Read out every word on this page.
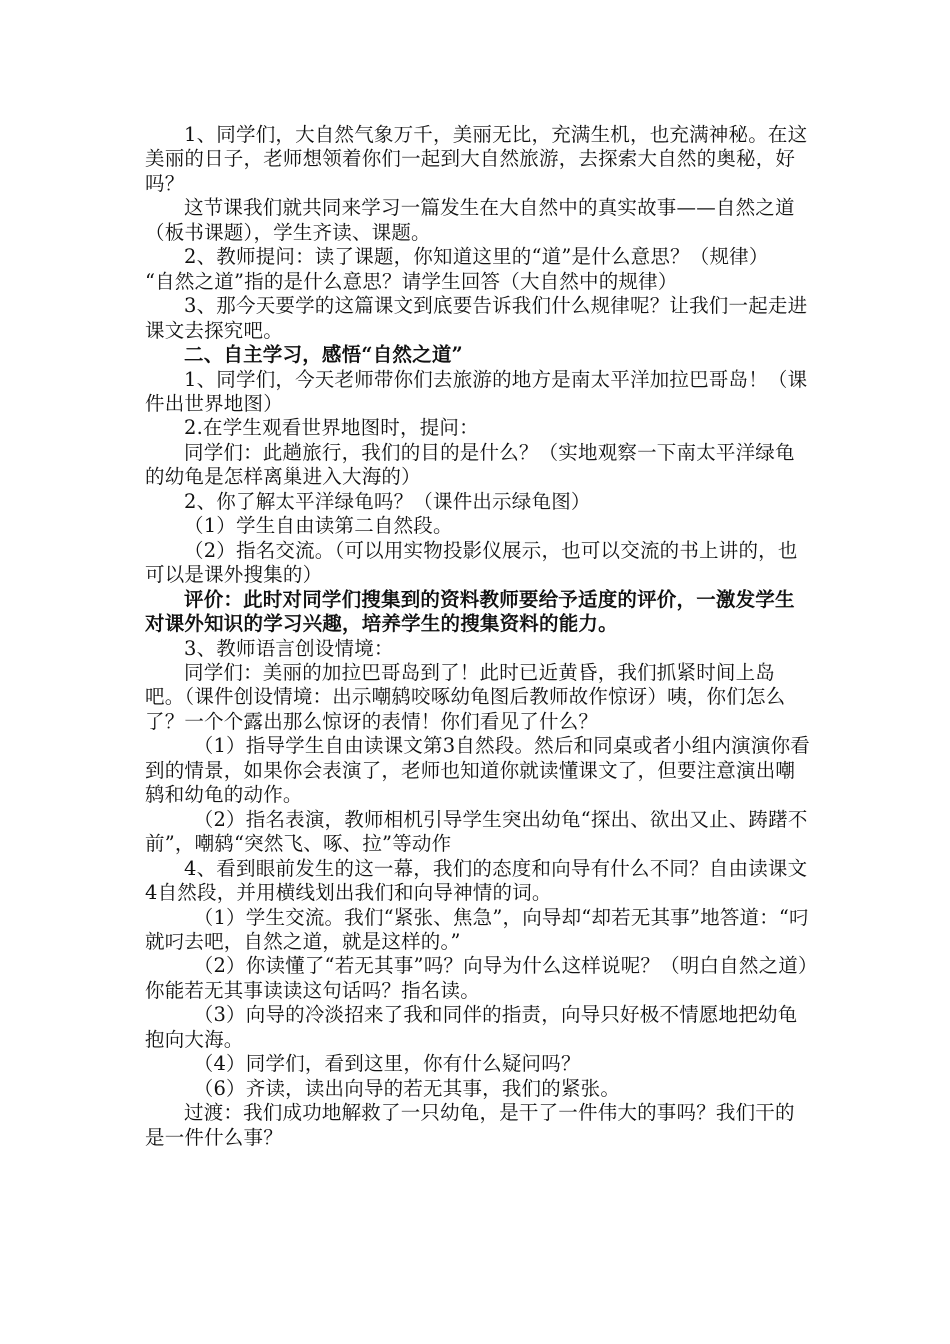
1、同学们，大自然气象万千，美丽无比，充满生机，也充满神秘。在这美丽的日子，老师想领着你们一起到大自然旅游，去探索大自然的奥秘，好吗？

这节课我们就共同来学习一篇发生在大自然中的真实故事——自然之道（板书课题），学生齐读、课题。

2、教师提问：读了课题，你知道这里的“道”是什么意思？（规律）　　　“自然之道”指的是什么意思？请学生回答（大自然中的规律）

3、那今天要学的这篇课文到底要告诉我们什么规律呢？让我们一起走进课文去探究吧。

二、自主学习，感悟“自然之道”

1、同学们，今天老师带你们去旅游的地方是南太平洋加拉巴哥岛！（课件出世界地图）

2.在学生观看世界地图时，提问：

同学们：此趟旅行，我们的目的是什么？（实地观察一下南太平洋绿龟的幼龟是怎样离巢进入大海的）

2、你了解太平洋绿龟吗？（课件出示绿龟图）

（1）学生自由读第二自然段。

（2）指名交流。（可以用实物投影仪展示，也可以交流的书上讲的，也可以是课外搜集的）

评价：此时对同学们搜集到的资料教师要给予适度的评价，一激发学生对课外知识的学习兴趣，培养学生的搜集资料的能力。

3、教师语言创设情境：

同学们：美丽的加拉巴哥岛到了！此时已近黄昏，我们抓紧时间上岛吧。（课件创设情境：出示嘲鸫咬啄幼龟图后教师故作惊讶）咦，你们怎么了？一个个露出那么惊讶的表情！你们看见了什么？

（1）指导学生自由读课文第3自然段。然后和同桌或者小组内演演你看到的情景，如果你会表演了，老师也知道你就读懂课文了，但要注意演出嘲鸫和幼龟的动作。

（2）指名表演，教师相机引导学生突出幼龟“探出、欲出又止、踌躇不前”，嘲鸫“突然飞、啄、拉”等动作

4、看到眼前发生的这一幕，我们的态度和向导有什么不同？自由读课文4自然段，并用横线划出我们和向导神情的词。

（1）学生交流。我们“紧张、焦急”，向导却“却若无其事”地答道：“叼就叼去吧，自然之道，就是这样的。”

（2）你读懂了“若无其事”吗？向导为什么这样说呢？（明白自然之道）你能若无其事读读这句话吗？指名读。

（3）向导的冷淡招来了我和同伴的指责，向导只好极不情愿地把幼龟抱向大海。

（4）同学们，看到这里，你有什么疑问吗？

（6）齐读，读出向导的若无其事，我们的紧张。

过渡：我们成功地解救了一只幼龟，是干了一件伟大的事吗？我们干的是一件什么事？
